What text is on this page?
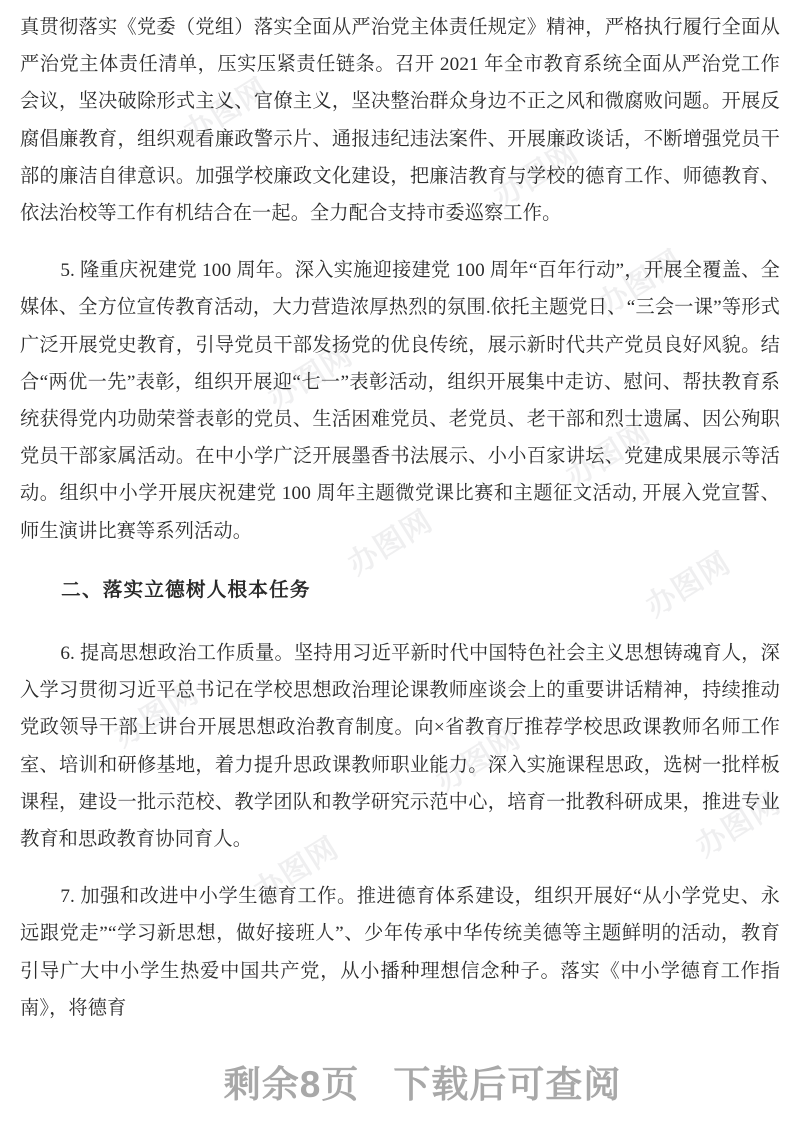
办图网
办图网
办图网
办图网
办图网
办图网
办图网
办图网
办图网
办图网
办图网

真贯彻落实《党委（党组）落实全面从严治党主体责任规定》精神，严格执行履行全面从严治党主体责任清单，压实压紧责任链条。召开 2021 年全市教育系统全面从严治党工作会议，坚决破除形式主义、官僚主义，坚决整治群众身边不正之风和微腐败问题。开展反腐倡廉教育，组织观看廉政警示片、通报违纪违法案件、开展廉政谈话，不断增强党员干部的廉洁自律意识。加强学校廉政文化建设，把廉洁教育与学校的德育工作、师德教育、依法治校等工作有机结合在一起。全力配合支持市委巡察工作。

5. 隆重庆祝建党 100 周年。深入实施迎接建党 100 周年“百年行动”，开展全覆盖、全媒体、全方位宣传教育活动，大力营造浓厚热烈的氛围.依托主题党日、“三会一课”等形式广泛开展党史教育，引导党员干部发扬党的优良传统，展示新时代共产党员良好风貌。结合“两优一先”表彰，组织开展迎“七一”表彰活动，组织开展集中走访、慰问、帮扶教育系统获得党内功勋荣誉表彰的党员、生活困难党员、老党员、老干部和烈士遗属、因公殉职党员干部家属活动。在中小学广泛开展墨香书法展示、小小百家讲坛、党建成果展示等活动。组织中小学开展庆祝建党 100 周年主题微党课比赛和主题征文活动, 开展入党宣誓、师生演讲比赛等系列活动。

二、落实立德树人根本任务

6. 提高思想政治工作质量。坚持用习近平新时代中国特色社会主义思想铸魂育人，深入学习贯彻习近平总书记在学校思想政治理论课教师座谈会上的重要讲话精神，持续推动党政领导干部上讲台开展思想政治教育制度。向×省教育厅推荐学校思政课教师名师工作室、培训和研修基地，着力提升思政课教师职业能力。深入实施课程思政，选树一批样板课程，建设一批示范校、教学团队和教学研究示范中心，培育一批教科研成果，推进专业教育和思政教育协同育人。

7. 加强和改进中小学生德育工作。推进德育体系建设，组织开展好“从小学党史、永远跟党走”“学习新思想，做好接班人”、少年传承中华传统美德等主题鲜明的活动，教育引导广大中小学生热爱中国共产党，从小播种理想信念种子。落实《中小学德育工作指南》，将德育

剩余8页 下载后可查阅
